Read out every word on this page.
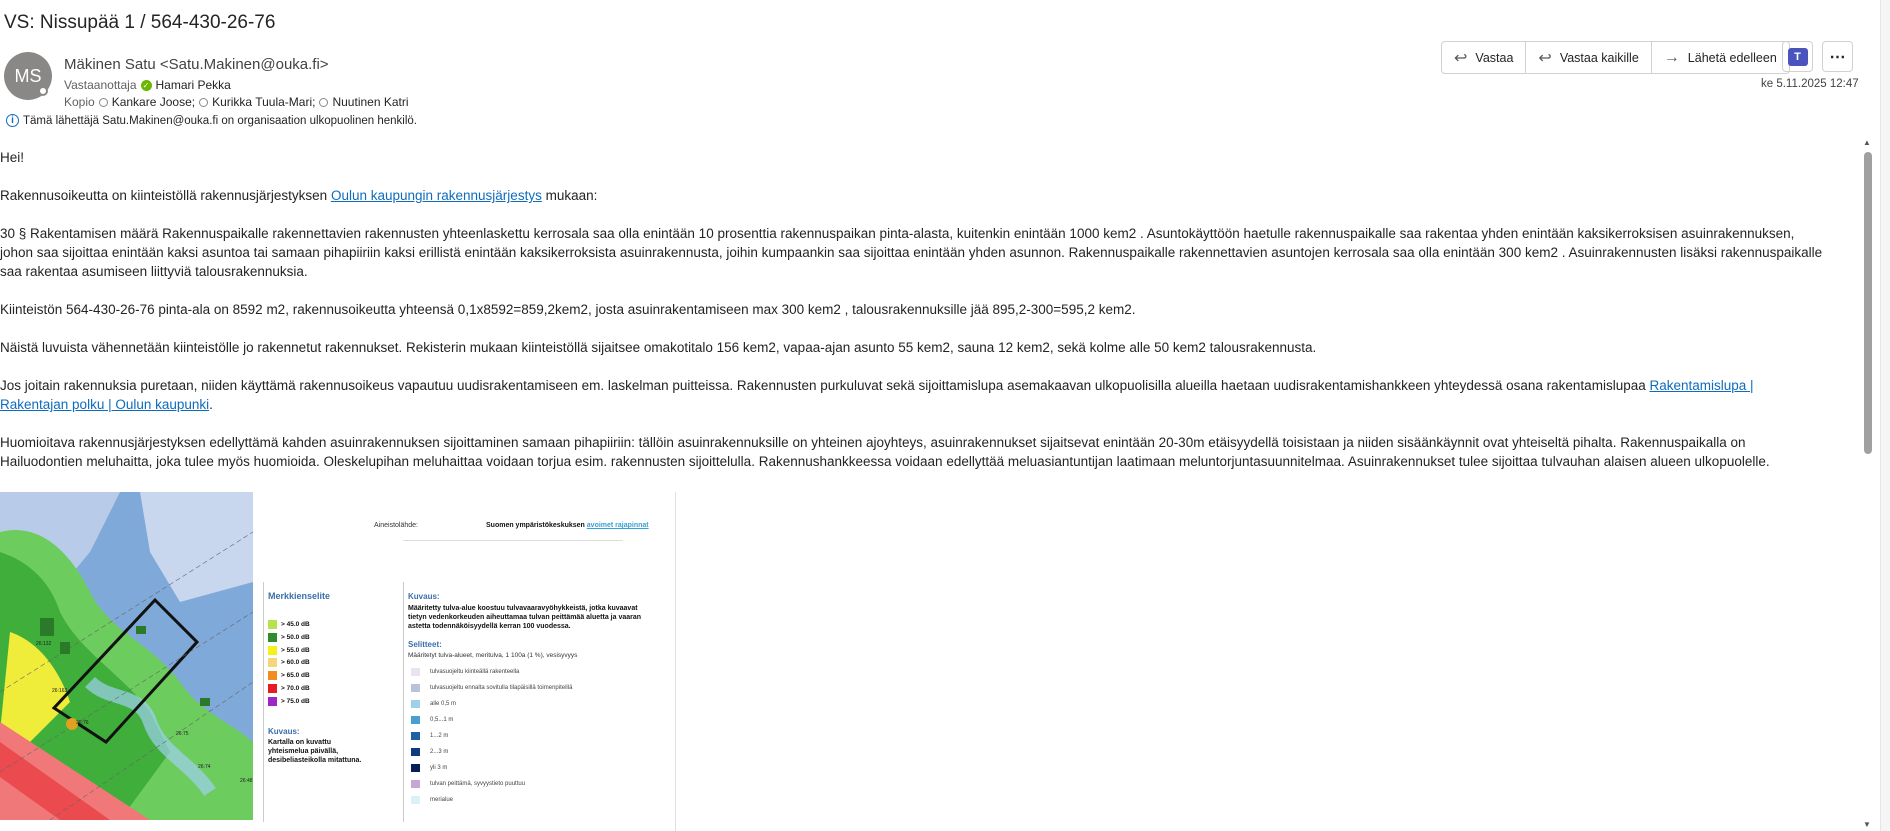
VS: Nissupää 1 / 564-430-26-76
MS
Mäkinen Satu <Satu.Makinen@ouka.fi>
Vastaanottaja ✓ Hamari Pekka
Kopio Kankare Joose; Kurikka Tuula-Mari; Nuutinen Katri
i Tämä lähettäjä Satu.Makinen@ouka.fi on organisaation ulkopuolinen henkilö.
↩ Vastaa ↩ Vastaa kaikille → Lähetä edelleen	T	⋯
ke 5.11.2025 12:47

Hei!

Rakennusoikeutta on kiinteistöllä rakennusjärjestyksen Oulun kaupungin rakennusjärjestys mukaan:

30 § Rakentamisen määrä Rakennuspaikalle rakennettavien rakennusten yhteenlaskettu kerrosala saa olla enintään 10 prosenttia rakennuspaikan pinta-alasta, kuitenkin enintään 1000 kem2 . Asuntokäyttöön haetulle rakennuspaikalle saa rakentaa yhden enintään kaksikerroksisen asuinrakennuksen,
johon saa sijoittaa enintään kaksi asuntoa tai samaan pihapiiriin kaksi erillistä enintään kaksikerroksista asuinrakennusta, joihin kumpaankin saa sijoittaa enintään yhden asunnon. Rakennuspaikalle rakennettavien asuntojen kerrosala saa olla enintään 300 kem2 . Asuinrakennusten lisäksi rakennuspaikalle
saa rakentaa asumiseen liittyviä talousrakennuksia.

Kiinteistön 564-430-26-76 pinta-ala on 8592 m2, rakennusoikeutta yhteensä 0,1x8592=859,2kem2, josta asuinrakentamiseen max 300 kem2 , talousrakennuksille jää 895,2-300=595,2 kem2.

Näistä luvuista vähennetään kiinteistölle jo rakennetut rakennukset. Rekisterin mukaan kiinteistöllä sijaitsee omakotitalo 156 kem2, vapaa-ajan asunto 55 kem2, sauna 12 kem2, sekä kolme alle 50 kem2 talousrakennusta.

Jos joitain rakennuksia puretaan, niiden käyttämä rakennusoikeus vapautuu uudisrakentamiseen em. laskelman puitteissa. Rakennusten purkuluvat sekä sijoittamislupa asemakaavan ulkopuolisilla alueilla haetaan uudisrakentamishankkeen yhteydessä osana rakentamislupaa Rakentamislupa |
Rakentajan polku | Oulun kaupunki.

Huomioitava rakennusjärjestyksen edellyttämä kahden asuinrakennuksen sijoittaminen samaan pihapiiriin: tällöin asuinrakennuksille on yhteinen ajoyhteys, asuinrakennukset sijaitsevat enintään 20-30m etäisyydellä toisistaan ja niiden sisäänkäynnit ovat yhteiseltä pihalta. Rakennuspaikalla on
Hailuodontien meluhaitta, joka tulee myös huomioida. Oleskelupihan meluhaittaa voidaan torjua esim. rakennusten sijoittelulla. Rakennushankkeessa voidaan edellyttää meluasiantuntijan laatimaan meluntorjuntasuunnitelmaa. Asuinrakennukset tulee sijoittaa tulvauhan alaisen alueen ulkopuolelle.

26:132
26:163
26:76
26:75
26:74
26:48
Aineistolähde:	Suomen ympäristökeskuksen avoimet rajapinnat
Merkkienselite
> 45.0 dB
> 50.0 dB
> 55.0 dB
> 60.0 dB
> 65.0 dB
> 70.0 dB
> 75.0 dB
Kuvaus:
Kartalla on kuvattu
yhteismelua päivällä,
desibeliasteikolla mitattuna.
Kuvaus:
Määritetty tulva-alue koostuu tulvavaaravyöhykkeistä, jotka kuvaavat
tietyn vedenkorkeuden aiheuttamaa tulvan peittämää aluetta ja vaaran
astetta todennäköisyydellä kerran 100 vuodessa.
Selitteet:
Määritetyt tulva-alueet, meritulva, 1 100a (1 %), vesisyvyys
tulvasuojeltu kiinteällä rakenteella
tulvasuojeltu ennalta sovitulla tilapäisillä toimenpiteillä
alle 0,5 m
0,5...1 m
1...2 m
2...3 m
yli 3 m
tulvan peittämä, syvyystieto puuttuu
merialue
▲
▼
